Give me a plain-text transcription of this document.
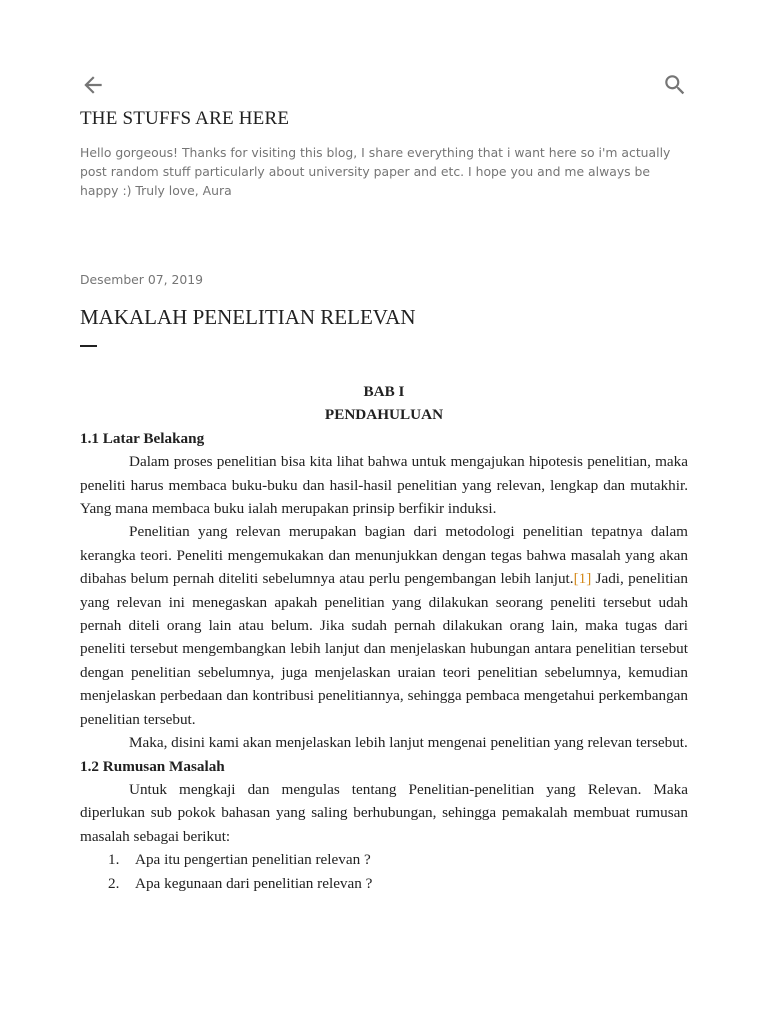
THE STUFFS ARE HERE

Hello gorgeous! Thanks for visiting this blog, I share everything that i want here so i'm actually post random stuff particularly about university paper and etc. I hope you and me always be happy :) Truly love, Aura

Desember 07, 2019

MAKALAH PENELITIAN RELEVAN

BAB I

PENDAHULUAN

1.1 Latar Belakang

Dalam proses penelitian bisa kita lihat bahwa untuk mengajukan hipotesis penelitian, maka peneliti harus membaca buku-buku dan hasil-hasil penelitian yang relevan, lengkap dan mutakhir. Yang mana membaca buku ialah merupakan prinsip berfikir induksi.

Penelitian yang relevan merupakan bagian dari metodologi penelitian tepatnya dalam kerangka teori. Peneliti mengemukakan dan menunjukkan dengan tegas bahwa masalah yang akan dibahas belum pernah diteliti sebelumnya atau perlu pengembangan lebih lanjut.[1] Jadi, penelitian yang relevan ini menegaskan apakah penelitian yang dilakukan seorang peneliti tersebut udah pernah diteli orang lain atau belum. Jika sudah pernah dilakukan orang lain, maka tugas dari peneliti tersebut mengembangkan lebih lanjut dan menjelaskan hubungan antara penelitian tersebut dengan penelitian sebelumnya, juga menjelaskan uraian teori penelitian sebelumnya, kemudian menjelaskan perbedaan dan kontribusi penelitiannya, sehingga pembaca mengetahui perkembangan penelitian tersebut.

Maka, disini kami akan menjelaskan lebih lanjut mengenai penelitian yang relevan tersebut.

1.2 Rumusan Masalah

Untuk mengkaji dan mengulas tentang Penelitian-penelitian yang Relevan. Maka diperlukan sub pokok bahasan yang saling berhubungan, sehingga pemakalah membuat rumusan masalah sebagai berikut:

1. Apa itu pengertian penelitian relevan ?
2. Apa kegunaan dari penelitian relevan ?
